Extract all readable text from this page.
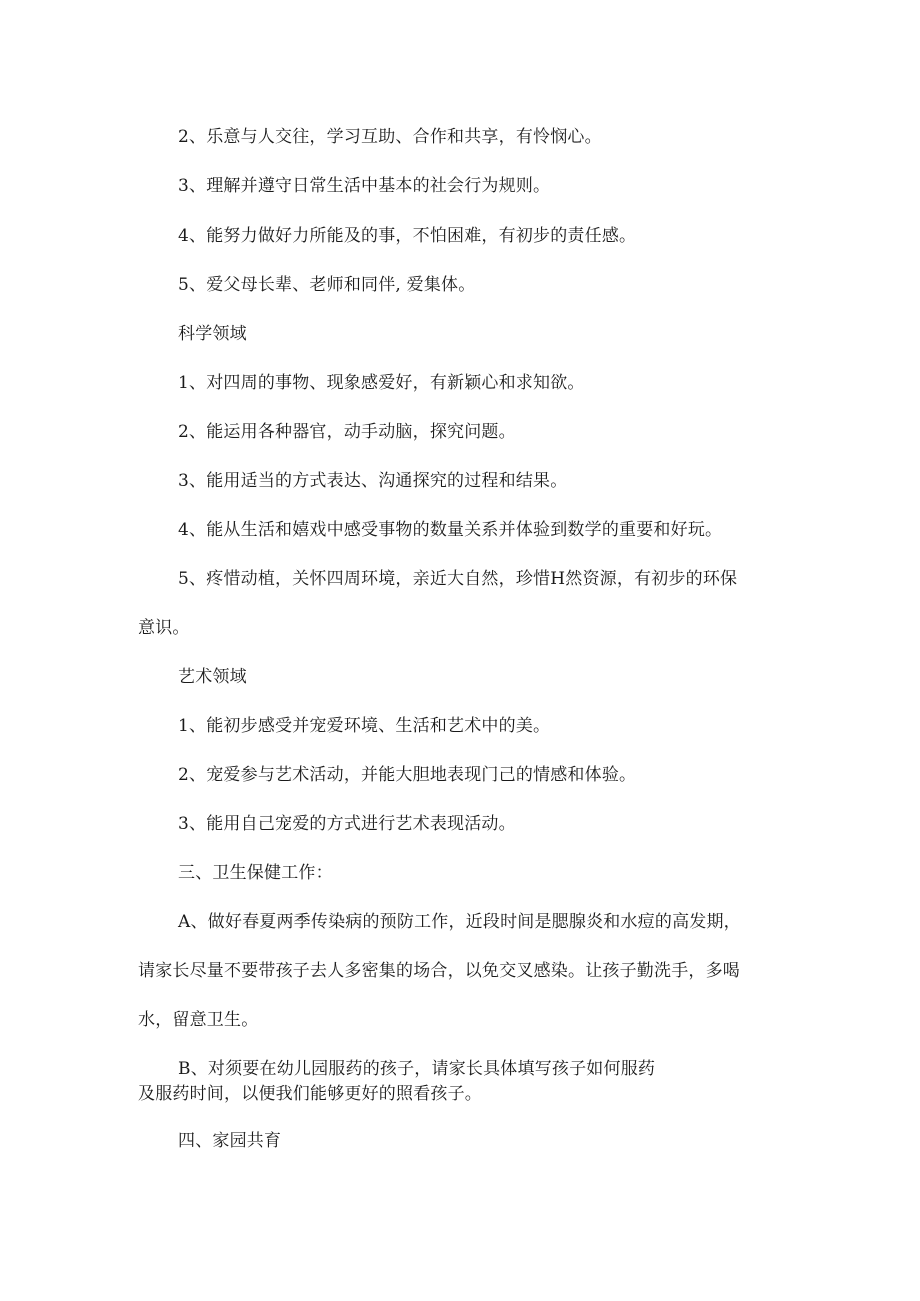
2、乐意与人交往，学习互助、合作和共享，有怜悯心。
3、理解并遵守日常生活中基本的社会行为规则。
4、能努力做好力所能及的事，不怕困难，有初步的责任感。
5、爱父母长辈、老师和同伴, 爱集体。
科学领域
1、对四周的事物、现象感爱好，有新颖心和求知欲。
2、能运用各种器官，动手动脑，探究问题。
3、能用适当的方式表达、沟通探究的过程和结果。
4、能从生活和嬉戏中感受事物的数量关系并体验到数学的重要和好玩。
5、疼惜动植，关怀四周环境，亲近大自然，珍惜H然资源，有初步的环保
意识。
艺术领域
1、能初步感受并宠爱环境、生活和艺术中的美。
2、宠爱参与艺术活动，并能大胆地表现门己的情感和体验。
3、能用自己宠爱的方式进行艺术表现活动。
三、卫生保健工作：
A、做好春夏两季传染病的预防工作，近段时间是腮腺炎和水痘的高发期，
请家长尽量不要带孩子去人多密集的场合，以免交叉感染。让孩子勤洗手，多喝
水，留意卫生。
B、对须要在幼儿园服药的孩子，请家长具体填写孩子如何服药
及服药时间，以便我们能够更好的照看孩子。
四、家园共育
